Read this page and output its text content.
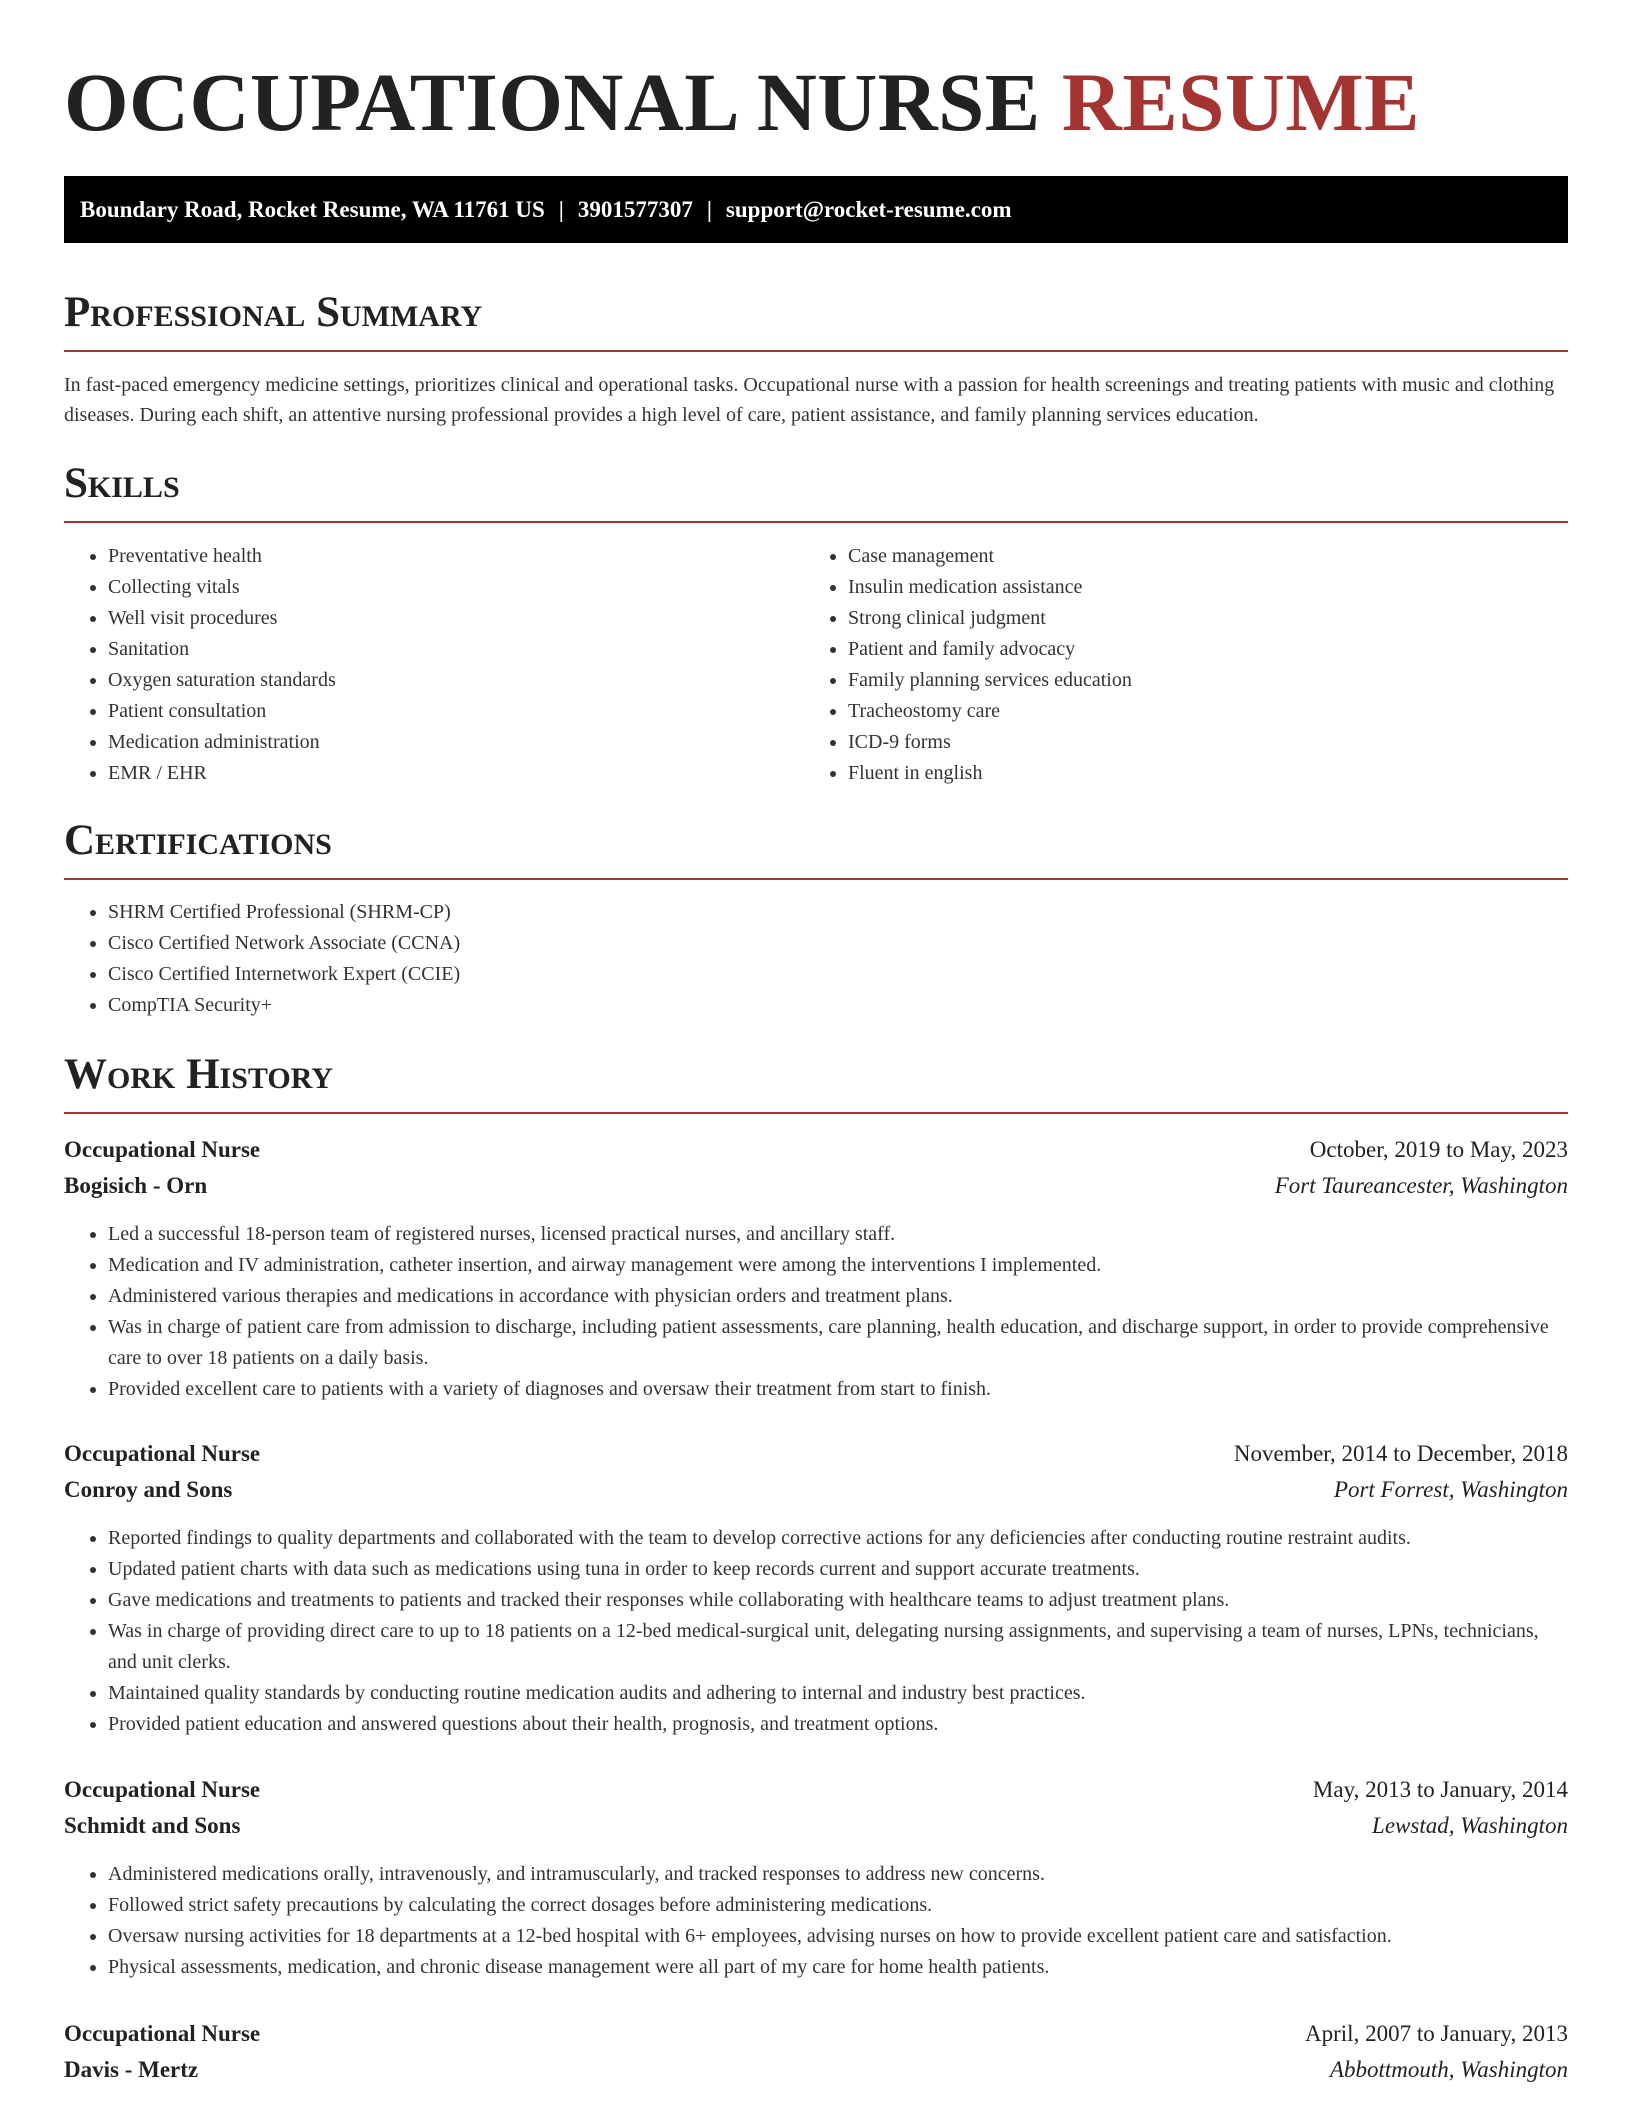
OCCUPATIONAL NURSE RESUME
Boundary Road, Rocket Resume, WA 11761 US | 3901577307 | support@rocket-resume.com
Professional Summary

In fast-paced emergency medicine settings, prioritizes clinical and operational tasks. Occupational nurse with a passion for health screenings and treating patients with music and clothing diseases. During each shift, an attentive nursing professional provides a high level of care, patient assistance, and family planning services education.

Skills
• Preventative health
• Collecting vitals
• Well visit procedures
• Sanitation
• Oxygen saturation standards
• Patient consultation
• Medication administration
• EMR / EHR
• Case management
• Insulin medication assistance
• Strong clinical judgment
• Patient and family advocacy
• Family planning services education
• Tracheostomy care
• ICD-9 forms
• Fluent in english
Certifications
• SHRM Certified Professional (SHRM-CP)
• Cisco Certified Network Associate (CCNA)
• Cisco Certified Internetwork Expert (CCIE)
• CompTIA Security+
Work History
Occupational Nurse	October, 2019 to May, 2023
Bogisich - Orn	Fort Taureancester, Washington
• Led a successful 18-person team of registered nurses, licensed practical nurses, and ancillary staff.
• Medication and IV administration, catheter insertion, and airway management were among the interventions I implemented.
• Administered various therapies and medications in accordance with physician orders and treatment plans.
• Was in charge of patient care from admission to discharge, including patient assessments, care planning, health education, and discharge support, in order to provide comprehensive care to over 18 patients on a daily basis.
• Provided excellent care to patients with a variety of diagnoses and oversaw their treatment from start to finish.
Occupational Nurse	November, 2014 to December, 2018
Conroy and Sons	Port Forrest, Washington
• Reported findings to quality departments and collaborated with the team to develop corrective actions for any deficiencies after conducting routine restraint audits.
• Updated patient charts with data such as medications using tuna in order to keep records current and support accurate treatments.
• Gave medications and treatments to patients and tracked their responses while collaborating with healthcare teams to adjust treatment plans.
• Was in charge of providing direct care to up to 18 patients on a 12-bed medical-surgical unit, delegating nursing assignments, and supervising a team of nurses, LPNs, technicians, and unit clerks.
• Maintained quality standards by conducting routine medication audits and adhering to internal and industry best practices.
• Provided patient education and answered questions about their health, prognosis, and treatment options.
Occupational Nurse	May, 2013 to January, 2014
Schmidt and Sons	Lewstad, Washington
• Administered medications orally, intravenously, and intramuscularly, and tracked responses to address new concerns.
• Followed strict safety precautions by calculating the correct dosages before administering medications.
• Oversaw nursing activities for 18 departments at a 12-bed hospital with 6+ employees, advising nurses on how to provide excellent patient care and satisfaction.
• Physical assessments, medication, and chronic disease management were all part of my care for home health patients.
Occupational Nurse	April, 2007 to January, 2013
Davis - Mertz	Abbottmouth, Washington
